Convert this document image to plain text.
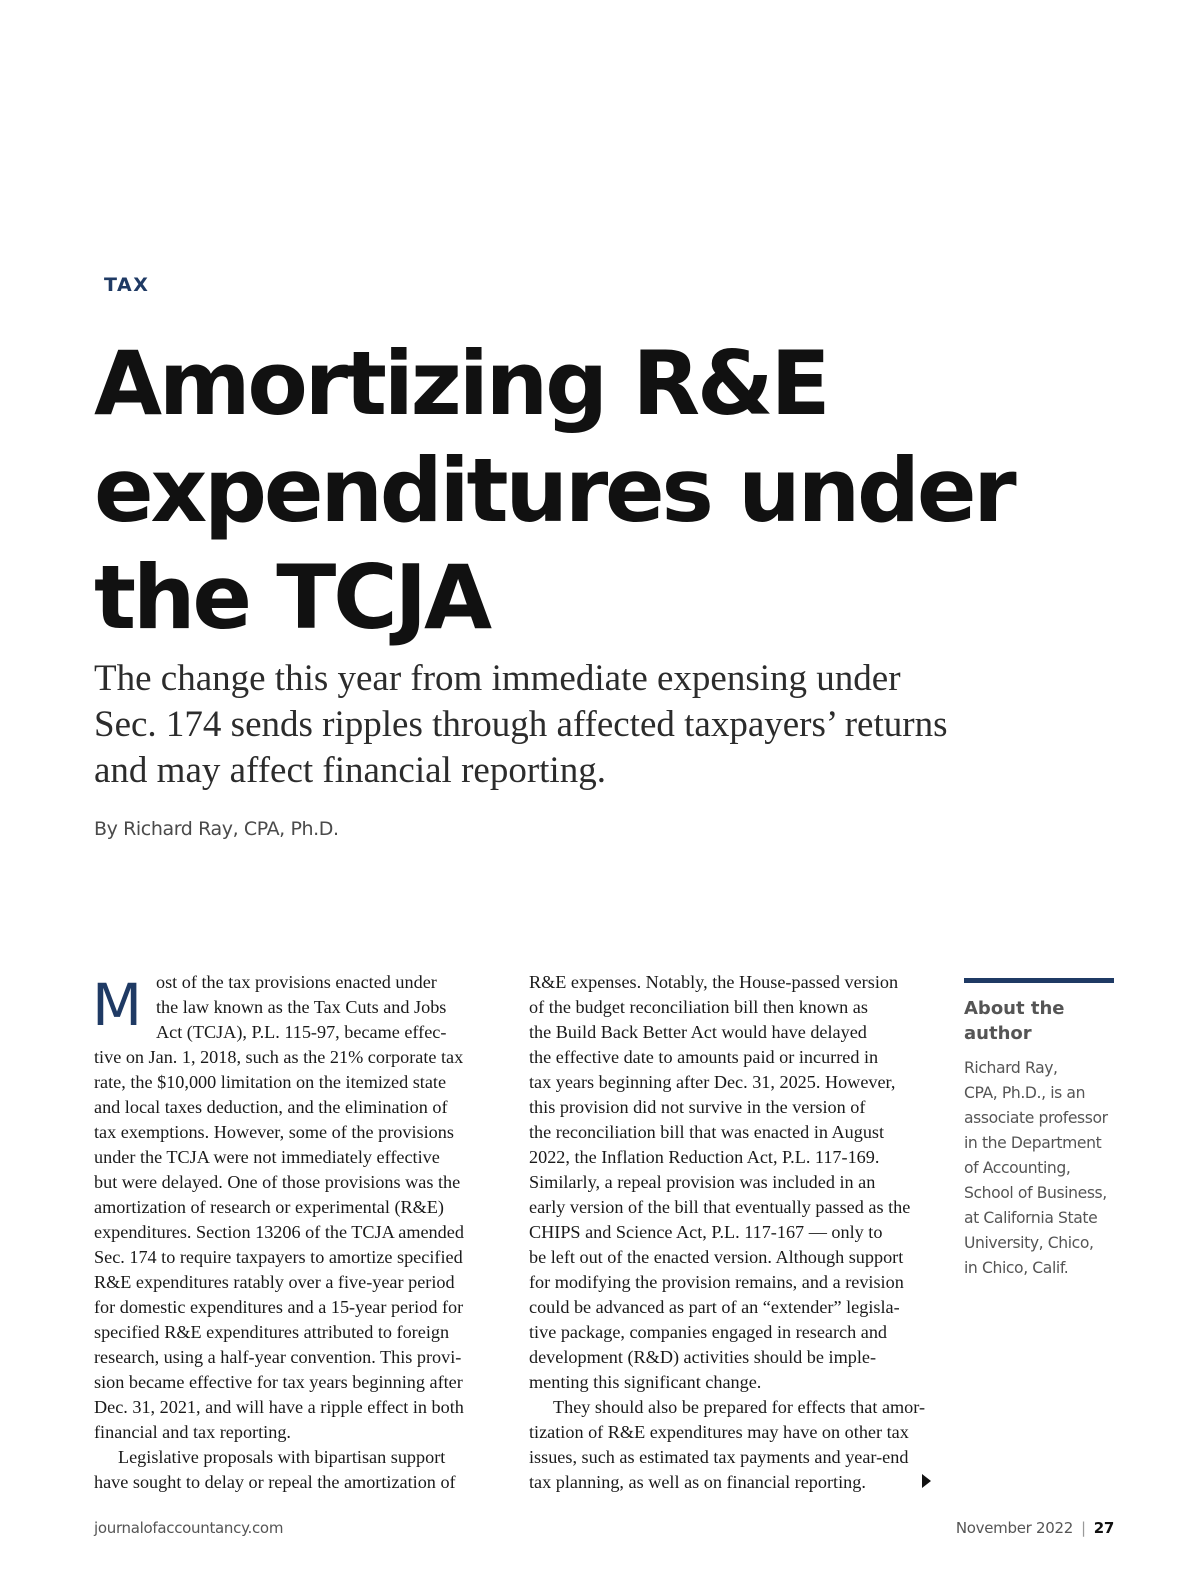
TAX
Amortizing R&E
expenditures under
the TCJA
The change this year from immediate expensing under
Sec. 174 sends ripples through affected taxpayers’ returns
and may affect financial reporting.
By Richard Ray, CPA, Ph.D.
M ost of the tax provisions enacted under
the law known as the Tax Cuts and Jobs
Act (TCJA), P.L. 115-97, became effec-
tive on Jan. 1, 2018, such as the 21% corporate tax
rate, the $10,000 limitation on the itemized state
and local taxes deduction, and the elimination of
tax exemptions. However, some of the provisions
under the TCJA were not immediately effective
but were delayed. One of those provisions was the
amortization of research or experimental (R&E)
expenditures. Section 13206 of the TCJA amended
Sec. 174 to require taxpayers to amortize specified
R&E expenditures ratably over a five-year period
for domestic expenditures and a 15-year period for
specified R&E expenditures attributed to foreign
research, using a half-year convention. This provi-
sion became effective for tax years beginning after
Dec. 31, 2021, and will have a ripple effect in both
financial and tax reporting.
Legislative proposals with bipartisan support
have sought to delay or repeal the amortization of
R&E expenses. Notably, the House-passed version
of the budget reconciliation bill then known as
the Build Back Better Act would have delayed
the effective date to amounts paid or incurred in
tax years beginning after Dec. 31, 2025. However,
this provision did not survive in the version of
the reconciliation bill that was enacted in August
2022, the Inflation Reduction Act, P.L. 117-169.
Similarly, a repeal provision was included in an
early version of the bill that eventually passed as the
CHIPS and Science Act, P.L. 117-167 — only to
be left out of the enacted version. Although support
for modifying the provision remains, and a revision
could be advanced as part of an “extender” legisla-
tive package, companies engaged in research and
development (R&D) activities should be imple-
menting this significant change.
They should also be prepared for effects that amor-
tization of R&E expenditures may have on other tax
issues, such as estimated tax payments and year-end
tax planning, as well as on financial reporting.
About the
author
Richard Ray,
CPA, Ph.D., is an
associate professor
in the Department
of Accounting,
School of Business,
at California State
University, Chico,
in Chico, Calif.
journalofaccountancy.com	November 2022 | 27
